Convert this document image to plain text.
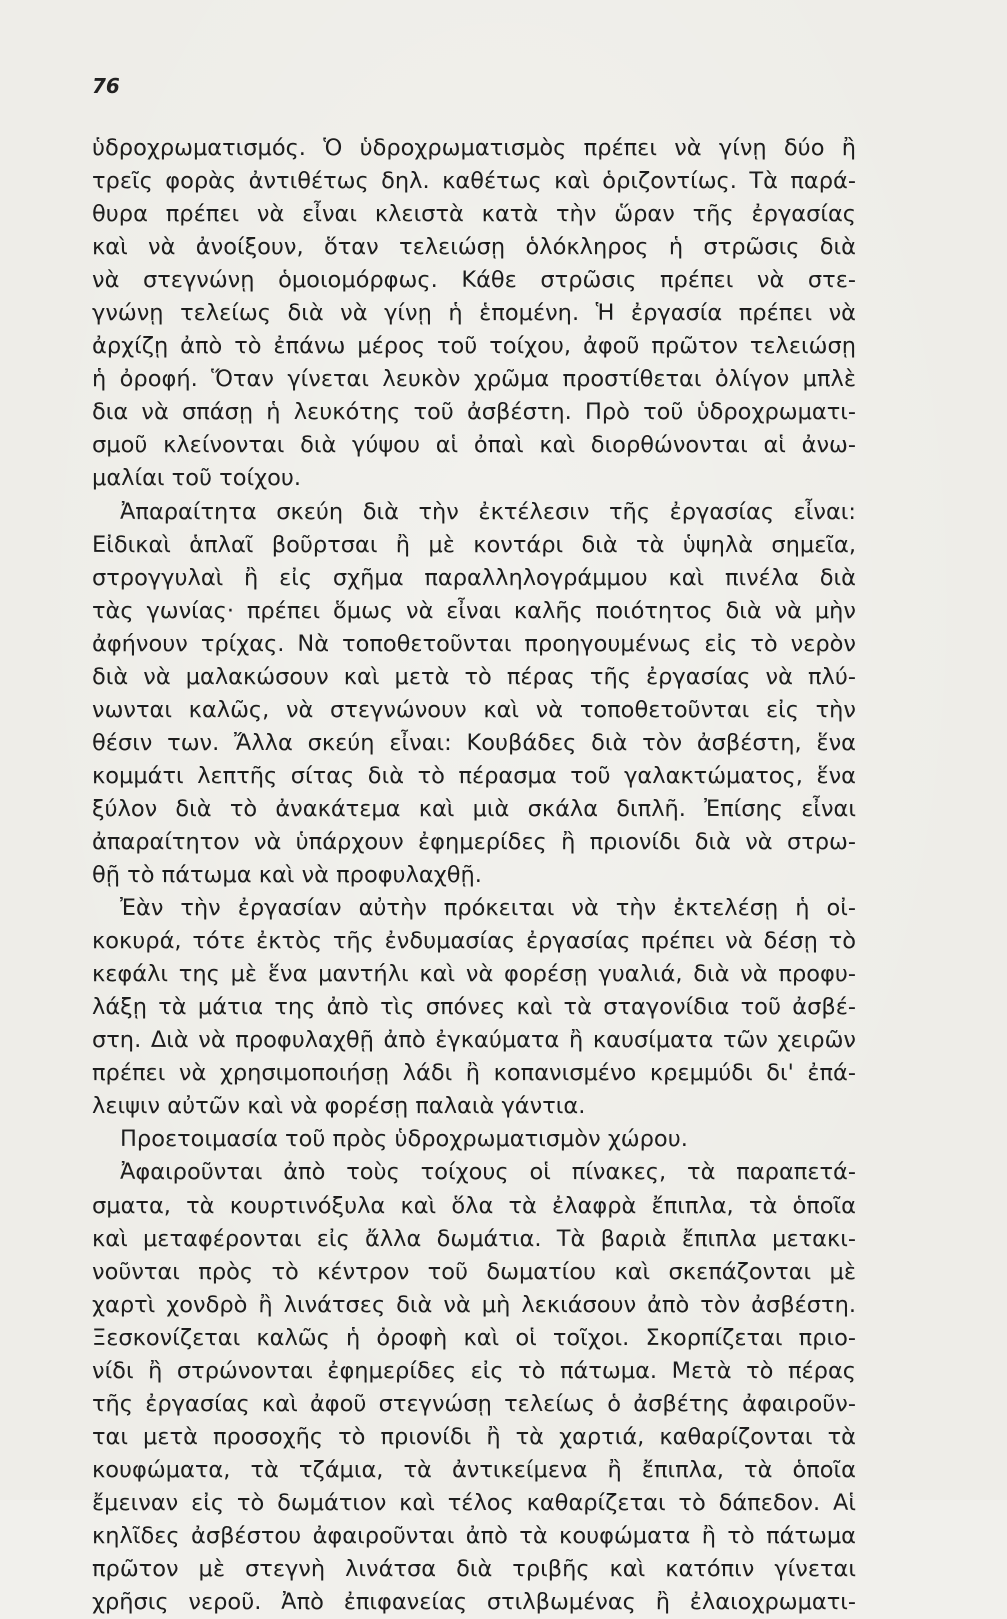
76
ὑδροχρωματισμός. Ὁ ὑδροχρωματισμὸς πρέπει νὰ γίνῃ δύο ἢ
τρεῖς φορὰς ἀντιθέτως δηλ. καθέτως καὶ ὁριζοντίως. Τὰ παρά-
θυρα πρέπει νὰ εἶναι κλειστὰ κατὰ τὴν ὥραν τῆς ἐργασίας
καὶ νὰ ἀνοίξουν, ὅταν τελειώσῃ ὁλόκληρος ἡ στρῶσις διὰ
νὰ στεγνώνῃ ὁμοιομόρφως. Κάθε στρῶσις πρέπει νὰ στε-
γνώνῃ τελείως διὰ νὰ γίνῃ ἡ ἑπομένη. Ἡ ἐργασία πρέπει νὰ
ἀρχίζῃ ἀπὸ τὸ ἐπάνω μέρος τοῦ τοίχου, ἀφοῦ πρῶτον τελειώσῃ
ἡ ὀροφή. Ὅταν γίνεται λευκὸν χρῶμα προστίθεται ὀλίγον μπλὲ
δια νὰ σπάσῃ ἡ λευκότης τοῦ ἀσβέστη. Πρὸ τοῦ ὑδροχρωματι-
σμοῦ κλείνονται διὰ γύψου αἱ ὀπαὶ καὶ διορθώνονται αἱ ἀνω-
μαλίαι τοῦ τοίχου.
Ἀπαραίτητα σκεύη διὰ τὴν ἐκτέλεσιν τῆς ἐργασίας εἶναι:
Εἰδικαὶ ἁπλαῖ βοῦρτσαι ἢ μὲ κοντάρι διὰ τὰ ὑψηλὰ σημεῖα,
στρογγυλαὶ ἢ εἰς σχῆμα παραλληλογράμμου καὶ πινέλα διὰ
τὰς γωνίας· πρέπει ὅμως νὰ εἶναι καλῆς ποιότητος διὰ νὰ μὴν
ἀφήνουν τρίχας. Νὰ τοποθετοῦνται προηγουμένως εἰς τὸ νερὸν
διὰ νὰ μαλακώσουν καὶ μετὰ τὸ πέρας τῆς ἐργασίας νὰ πλύ-
νωνται καλῶς, νὰ στεγνώνουν καὶ νὰ τοποθετοῦνται εἰς τὴν
θέσιν των. Ἄλλα σκεύη εἶναι: Κουβάδες διὰ τὸν ἀσβέστη, ἕνα
κομμάτι λεπτῆς σίτας διὰ τὸ πέρασμα τοῦ γαλακτώματος, ἕνα
ξύλον διὰ τὸ ἀνακάτεμα καὶ μιὰ σκάλα διπλῆ. Ἐπίσης εἶναι
ἀπαραίτητον νὰ ὑπάρχουν ἐφημερίδες ἢ πριονίδι διὰ νὰ στρω-
θῇ τὸ πάτωμα καὶ νὰ προφυλαχθῇ.
Ἐὰν τὴν ἐργασίαν αὐτὴν πρόκειται νὰ τὴν ἐκτελέσῃ ἡ οἰ-
κοκυρά, τότε ἐκτὸς τῆς ἐνδυμασίας ἐργασίας πρέπει νὰ δέσῃ τὸ
κεφάλι της μὲ ἕνα μαντήλι καὶ νὰ φορέσῃ γυαλιά, διὰ νὰ προφυ-
λάξῃ τὰ μάτια της ἀπὸ τὶς σπόνες καὶ τὰ σταγονίδια τοῦ ἀσβέ-
στη. Διὰ νὰ προφυλαχθῇ ἀπὸ ἐγκαύματα ἢ καυσίματα τῶν χειρῶν
πρέπει νὰ χρησιμοποιήσῃ λάδι ἢ κοπανισμένο κρεμμύδι δι' ἐπά-
λειψιν αὐτῶν καὶ νὰ φορέσῃ παλαιὰ γάντια.
Προετοιμασία τοῦ πρὸς ὑδροχρωματισμὸν χώρου.
Ἀφαιροῦνται ἀπὸ τοὺς τοίχους οἱ πίνακες, τὰ παραπετά-
σματα, τὰ κουρτινόξυλα καὶ ὅλα τὰ ἐλαφρὰ ἔπιπλα, τὰ ὁποῖα
καὶ μεταφέρονται εἰς ἄλλα δωμάτια. Τὰ βαριὰ ἔπιπλα μετακι-
νοῦνται πρὸς τὸ κέντρον τοῦ δωματίου καὶ σκεπάζονται μὲ
χαρτὶ χονδρὸ ἢ λινάτσες διὰ νὰ μὴ λεκιάσουν ἀπὸ τὸν ἀσβέστη.
Ξεσκονίζεται καλῶς ἡ ὀροφὴ καὶ οἱ τοῖχοι. Σκορπίζεται πριο-
νίδι ἢ στρώνονται ἐφημερίδες εἰς τὸ πάτωμα. Μετὰ τὸ πέρας
τῆς ἐργασίας καὶ ἀφοῦ στεγνώσῃ τελείως ὁ ἀσβέτης ἀφαιροῦν-
ται μετὰ προσοχῆς τὸ πριονίδι ἢ τὰ χαρτιά, καθαρίζονται τὰ
κουφώματα, τὰ τζάμια, τὰ ἀντικείμενα ἢ ἔπιπλα, τὰ ὁποῖα
ἔμειναν εἰς τὸ δωμάτιον καὶ τέλος καθαρίζεται τὸ δάπεδον. Αἱ
κηλῖδες ἀσβέστου ἀφαιροῦνται ἀπὸ τὰ κουφώματα ἢ τὸ πάτωμα
πρῶτον μὲ στεγνὴ λινάτσα διὰ τριβῆς καὶ κατόπιν γίνεται
χρῆσις νεροῦ. Ἀπὸ ἐπιφανείας στιλβωμένας ἢ ἐλαιοχρωματι-
